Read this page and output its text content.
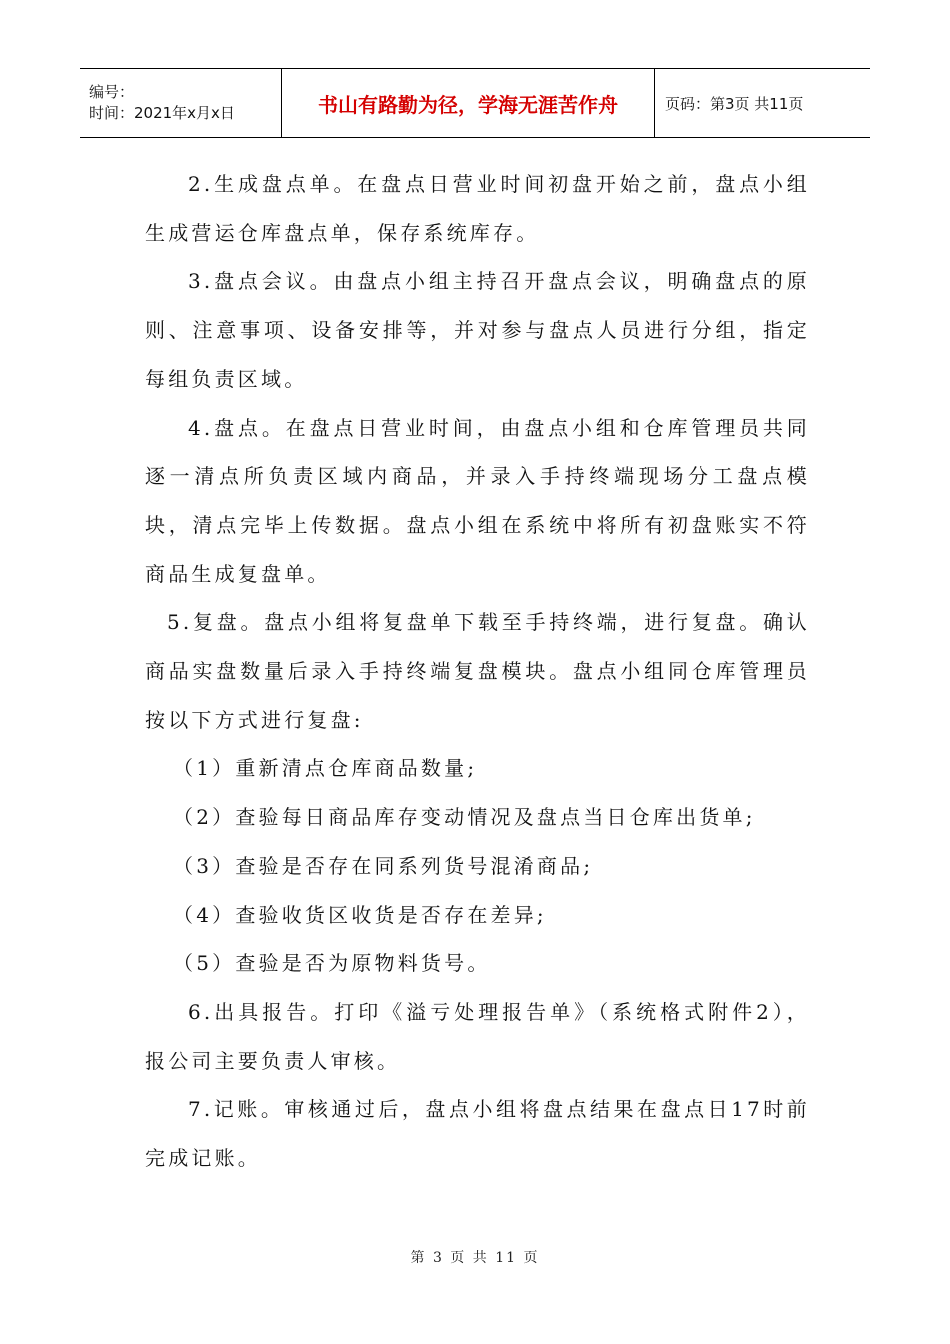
编号：
时间：2021年x月x日	书山有路勤为径，学海无涯苦作舟	页码：第3页 共11页

2.生成盘点单。在盘点日营业时间初盘开始之前，盘点小组生成营运仓库盘点单，保存系统库存。

3.盘点会议。由盘点小组主持召开盘点会议，明确盘点的原则、注意事项、设备安排等，并对参与盘点人员进行分组，指定每组负责区域。

4.盘点。在盘点日营业时间，由盘点小组和仓库管理员共同逐一清点所负责区域内商品，并录入手持终端现场分工盘点模块，清点完毕上传数据。盘点小组在系统中将所有初盘账实不符商品生成复盘单。

5.复盘。盘点小组将复盘单下载至手持终端，进行复盘。确认商品实盘数量后录入手持终端复盘模块。盘点小组同仓库管理员按以下方式进行复盘:

（1）重新清点仓库商品数量;

（2）查验每日商品库存变动情况及盘点当日仓库出货单;

（3）查验是否存在同系列货号混淆商品;

（4）查验收货区收货是否存在差异;

（5）查验是否为原物料货号。

6.出具报告。打印《溢亏处理报告单》（系统格式附件2），报公司主要负责人审核。

7.记账。审核通过后，盘点小组将盘点结果在盘点日17时前完成记账。

第 3 页 共 11 页
